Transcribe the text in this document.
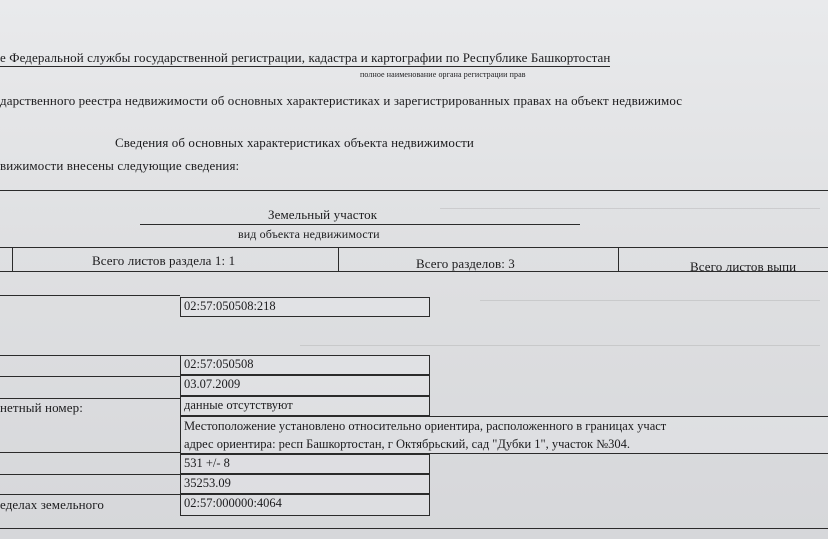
е Федеральной службы государственной регистрации, кадастра и картографии по Республике Башкортостан
полное наименование органа регистрации прав
дарственного реестра недвижимости об основных характеристиках и зарегистрированных правах на объект недвижимос
Сведения об основных характеристиках объекта недвижимости
вижимости внесены следующие сведения:
Земельный участок
вид объекта недвижимости
Всего листов раздела 1: 1	Всего разделов: 3	Всего листов выпи
02:57:050508:218
02:57:050508
03.07.2009
нетный номер:	данные отсутствуют
Местоположение установлено относительно ориентира, расположенного в границах участ
адрес ориентира: респ Башкортостан, г Октябрьский, сад "Дубки 1", участок №304.
531 +/- 8
35253.09
еделах земельного	02:57:000000:4064
